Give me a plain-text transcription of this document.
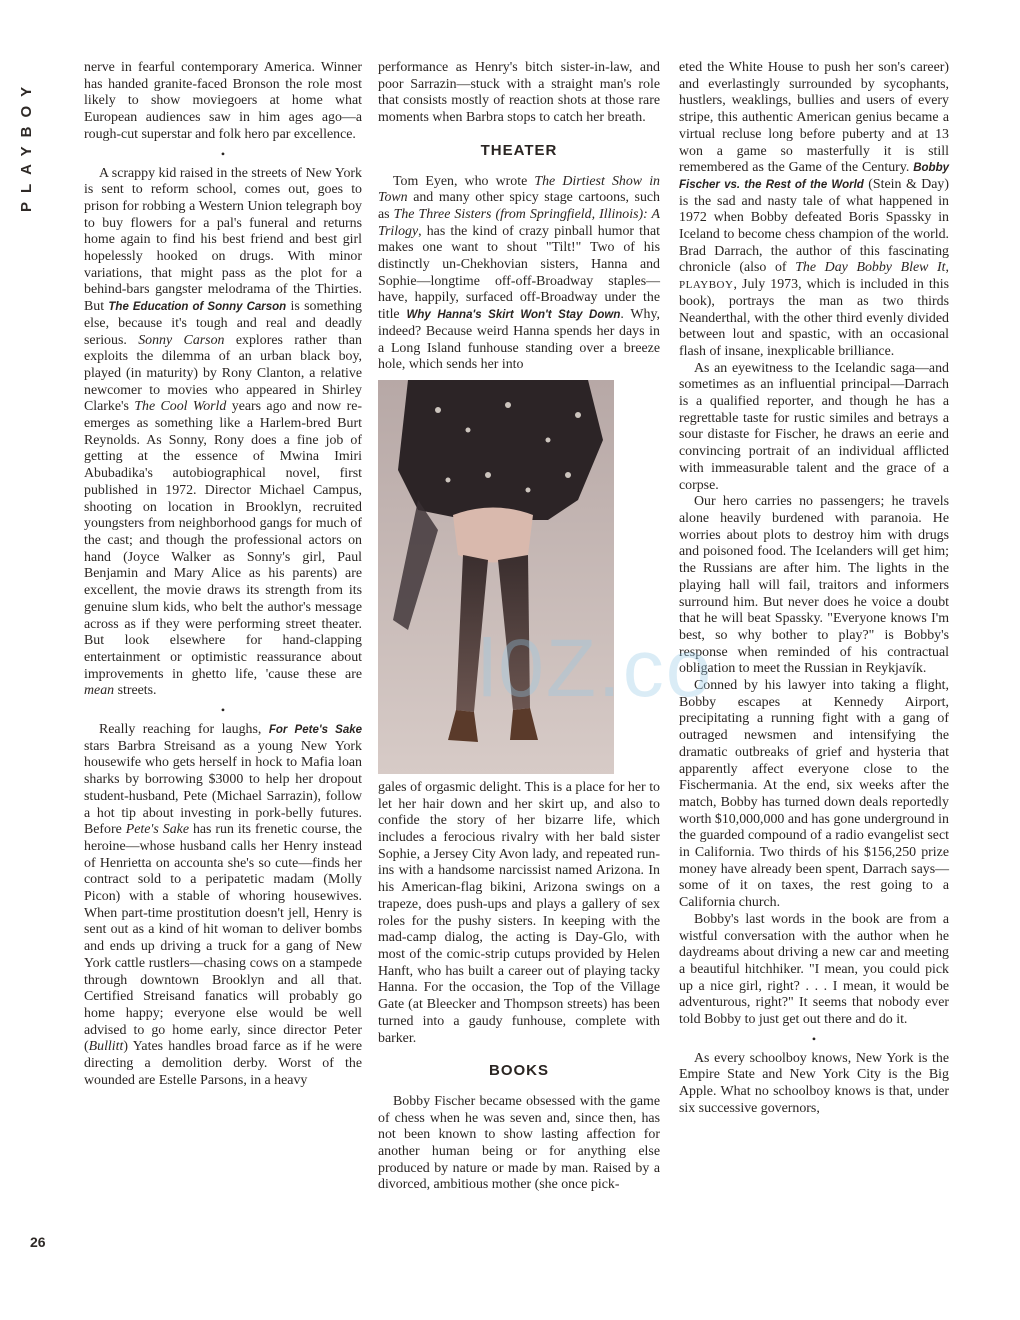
PLAYBOY
26

nerve in fearful contemporary America. Winner has handed granite-faced Bronson the role most likely to show moviegoers at home what European audiences saw in him ages ago—a rough-cut superstar and folk hero par excellence.

•

A scrappy kid raised in the streets of New York is sent to reform school, comes out, goes to prison for robbing a Western Union telegraph boy to buy flowers for a pal's funeral and returns home again to find his best friend and best girl hopelessly hooked on drugs. With minor variations, that might pass as the plot for a behind-bars gangster melodrama of the Thirties. But The Education of Sonny Carson is something else, because it's tough and real and deadly serious. Sonny Carson explores rather than exploits the dilemma of an urban black boy, played (in maturity) by Rony Clanton, a relative newcomer to movies who appeared in Shirley Clarke's The Cool World years ago and now re-emerges as something like a Harlem-bred Burt Reynolds. As Sonny, Rony does a fine job of getting at the essence of Mwina Imiri Abubadika's autobiographical novel, first published in 1972. Director Michael Campus, shooting on location in Brooklyn, recruited youngsters from neighborhood gangs for much of the cast; and though the professional actors on hand (Joyce Walker as Sonny's girl, Paul Benjamin and Mary Alice as his parents) are excellent, the movie draws its strength from its genuine slum kids, who belt the author's message across as if they were performing street theater. But look elsewhere for hand-clapping entertainment or optimistic reassurance about improvements in ghetto life, 'cause these are mean streets.

•

Really reaching for laughs, For Pete's Sake stars Barbra Streisand as a young New York housewife who gets herself in hock to Mafia loan sharks by borrowing $3000 to help her dropout student-husband, Pete (Michael Sarrazin), follow a hot tip about investing in pork-belly futures. Before Pete's Sake has run its frenetic course, the heroine—whose husband calls her Henry instead of Henrietta on accounta she's so cute—finds her contract sold to a peripatetic madam (Molly Picon) with a stable of whoring housewives. When part-time prostitution doesn't jell, Henry is sent out as a kind of hit woman to deliver bombs and ends up driving a truck for a gang of New York cattle rustlers—chasing cows on a stampede through downtown Brooklyn and all that. Certified Streisand fanatics will probably go home happy; everyone else would be well advised to go home early, since director Peter (Bullitt) Yates handles broad farce as if he were directing a demolition derby. Worst of the wounded are Estelle Parsons, in a heavy

performance as Henry's bitch sister-in-law, and poor Sarrazin—stuck with a straight man's role that consists mostly of reaction shots at those rare moments when Barbra stops to catch her breath.

THEATER

Tom Eyen, who wrote The Dirtiest Show in Town and many other spicy stage cartoons, such as The Three Sisters (from Springfield, Illinois): A Trilogy, has the kind of crazy pinball humor that makes one want to shout "Tilt!" Two of his distinctly un-Chekhovian sisters, Hanna and Sophie—longtime off-off-Broadway staples—have, happily, surfaced off-Broadway under the title Why Hanna's Skirt Won't Stay Down. Why, indeed? Because weird Hanna spends her days in a Long Island funhouse standing over a breeze hole, which sends her into

gales of orgasmic delight. This is a place for her to let her hair down and her skirt up, and also to confide the story of her bizarre life, which includes a ferocious rivalry with her bald sister Sophie, a Jersey City Avon lady, and repeated run-ins with a handsome narcissist named Arizona. In his American-flag bikini, Arizona swings on a trapeze, does push-ups and plays a gallery of sex roles for the pushy sisters. In keeping with the mad-camp dialog, the acting is Day-Glo, with most of the comic-strip cutups provided by Helen Hanft, who has built a career out of playing tacky Hanna. For the occasion, the Top of the Village Gate (at Bleecker and Thompson streets) has been turned into a gaudy funhouse, complete with barker.

BOOKS

Bobby Fischer became obsessed with the game of chess when he was seven and, since then, has not been known to show lasting affection for another human being or for anything else produced by nature or made by man. Raised by a divorced, ambitious mother (she once pick-

eted the White House to push her son's career) and everlastingly surrounded by sycophants, hustlers, weaklings, bullies and users of every stripe, this authentic American genius became a virtual recluse long before puberty and at 13 won a game so masterfully it is still remembered as the Game of the Century. Bobby Fischer vs. the Rest of the World (Stein & Day) is the sad and nasty tale of what happened in 1972 when Bobby defeated Boris Spassky in Iceland to become chess champion of the world. Brad Darrach, the author of this fascinating chronicle (also of The Day Bobby Blew It, PLAYBOY, July 1973, which is included in this book), portrays the man as two thirds Neanderthal, with the other third evenly divided between lout and spastic, with an occasional flash of insane, inexplicable brilliance.

As an eyewitness to the Icelandic saga—and sometimes as an influential principal—Darrach is a qualified reporter, and though he has a regrettable taste for rustic similes and betrays a sour distaste for Fischer, he draws an eerie and convincing portrait of an individual afflicted with immeasurable talent and the grace of a corpse.

Our hero carries no passengers; he travels alone heavily burdened with paranoia. He worries about plots to destroy him with drugs and poisoned food. The Icelanders will get him; the Russians are after him. The lights in the playing hall will fail, traitors and informers surround him. But never does he voice a doubt that he will beat Spassky. "Everyone knows I'm best, so why bother to play?" is Bobby's response when reminded of his contractual obligation to meet the Russian in Reykjavík.

Conned by his lawyer into taking a flight, Bobby escapes at Kennedy Airport, precipitating a running fight with a gang of outraged newsmen and intensifying the dramatic outbreaks of grief and hysteria that apparently affect everyone close to the Fischermania. At the end, six weeks after the match, Bobby has turned down deals reportedly worth $10,000,000 and has gone underground in the guarded compound of a radio evangelist sect in California. Two thirds of his $156,250 prize money have already been spent, Darrach says—some of it on taxes, the rest going to a California church.

Bobby's last words in the book are from a wistful conversation with the author when he daydreams about driving a new car and meeting a beautiful hitchhiker. "I mean, you could pick up a nice girl, right? . . . I mean, it would be adventurous, right?" It seems that nobody ever told Bobby to just get out there and do it.

•

As every schoolboy knows, New York is the Empire State and New York City is the Big Apple. What no schoolboy knows is that, under six successive governors,

l0Z.co
